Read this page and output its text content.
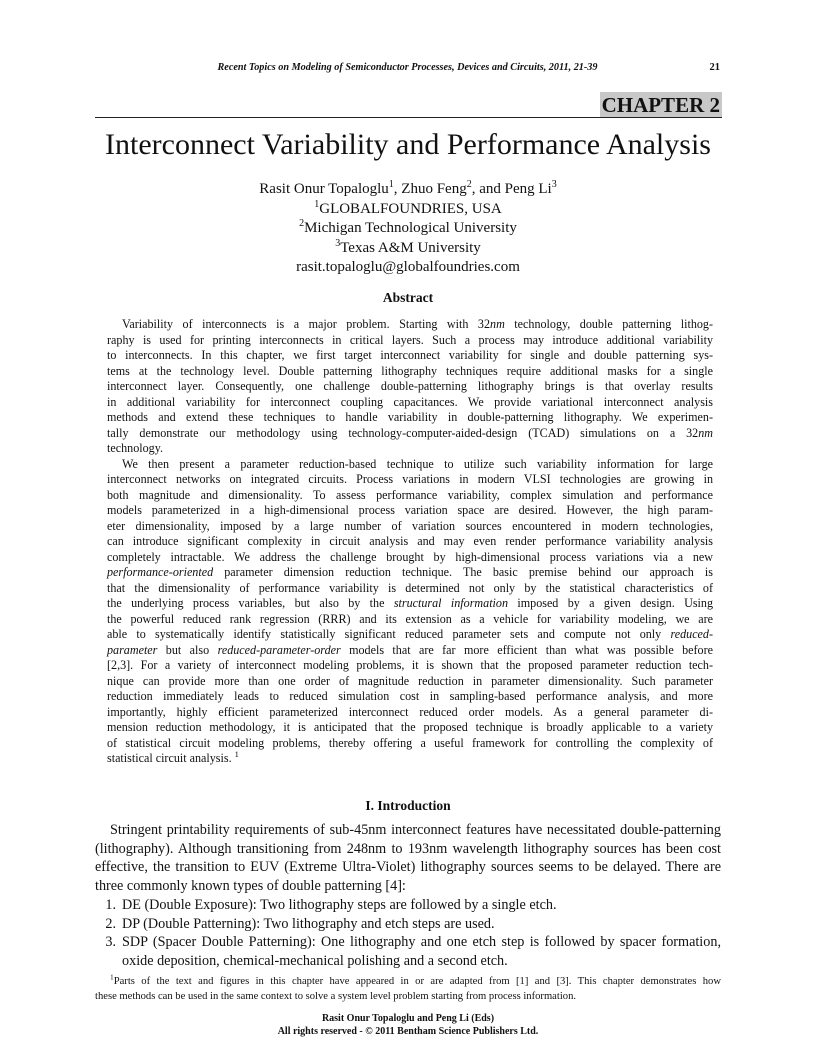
Recent Topics on Modeling of Semiconductor Processes, Devices and Circuits, 2011, 21-39	21
CHAPTER 2
Interconnect Variability and Performance Analysis
Rasit Onur Topaloglu$^1$, Zhuo Feng$^2$, and Peng Li$^3$
$^1$GLOBALFOUNDRIES, USA
$^2$Michigan Technological University
$^3$Texas A&M University
rasit.topaloglu@globalfoundries.com
Abstract
Variability of interconnects is a major problem. Starting with 32nm technology, double patterning lithog-
raphy is used for printing interconnects in critical layers. Such a process may introduce additional variability
to interconnects. In this chapter, we first target interconnect variability for single and double patterning sys-
tems at the technology level. Double patterning lithography techniques require additional masks for a single
interconnect layer. Consequently, one challenge double-patterning lithography brings is that overlay results
in additional variability for interconnect coupling capacitances. We provide variational interconnect analysis
methods and extend these techniques to handle variability in double-patterning lithography. We experimen-
tally demonstrate our methodology using technology-computer-aided-design (TCAD) simulations on a 32nm
technology.
We then present a parameter reduction-based technique to utilize such variability information for large
interconnect networks on integrated circuits. Process variations in modern VLSI technologies are growing in
both magnitude and dimensionality. To assess performance variability, complex simulation and performance
models parameterized in a high-dimensional process variation space are desired. However, the high param-
eter dimensionality, imposed by a large number of variation sources encountered in modern technologies,
can introduce significant complexity in circuit analysis and may even render performance variability analysis
completely intractable. We address the challenge brought by high-dimensional process variations via a new
performance-oriented parameter dimension reduction technique. The basic premise behind our approach is
that the dimensionality of performance variability is determined not only by the statistical characteristics of
the underlying process variables, but also by the structural information imposed by a given design. Using
the powerful reduced rank regression (RRR) and its extension as a vehicle for variability modeling, we are
able to systematically identify statistically significant reduced parameter sets and compute not only reduced-
parameter but also reduced-parameter-order models that are far more efficient than what was possible before
[2,3]. For a variety of interconnect modeling problems, it is shown that the proposed parameter reduction tech-
nique can provide more than one order of magnitude reduction in parameter dimensionality. Such parameter
reduction immediately leads to reduced simulation cost in sampling-based performance analysis, and more
importantly, highly efficient parameterized interconnect reduced order models. As a general parameter di-
mension reduction methodology, it is anticipated that the proposed technique is broadly applicable to a variety
of statistical circuit modeling problems, thereby offering a useful framework for controlling the complexity of
statistical circuit analysis. $^1$
I. Introduction
Stringent printability requirements of sub-45nm interconnect features have necessitated double-patterning
(lithography). Although transitioning from 248nm to 193nm wavelength lithography sources has been cost
effective, the transition to EUV (Extreme Ultra-Violet) lithography sources seems to be delayed. There are
three commonly known types of double patterning [4]:
1. DE (Double Exposure): Two lithography steps are followed by a single etch.
2. DP (Double Patterning): Two lithography and etch steps are used.
3. SDP (Spacer Double Patterning): One lithography and one etch step is followed by spacer formation,
oxide deposition, chemical-mechanical polishing and a second etch.
$^1$Parts of the text and figures in this chapter have appeared in or are adapted from [1] and [3]. This chapter demonstrates how
these methods can be used in the same context to solve a system level problem starting from process information.
Rasit Onur Topaloglu and Peng Li (Eds)
All rights reserved - © 2011 Bentham Science Publishers Ltd.
